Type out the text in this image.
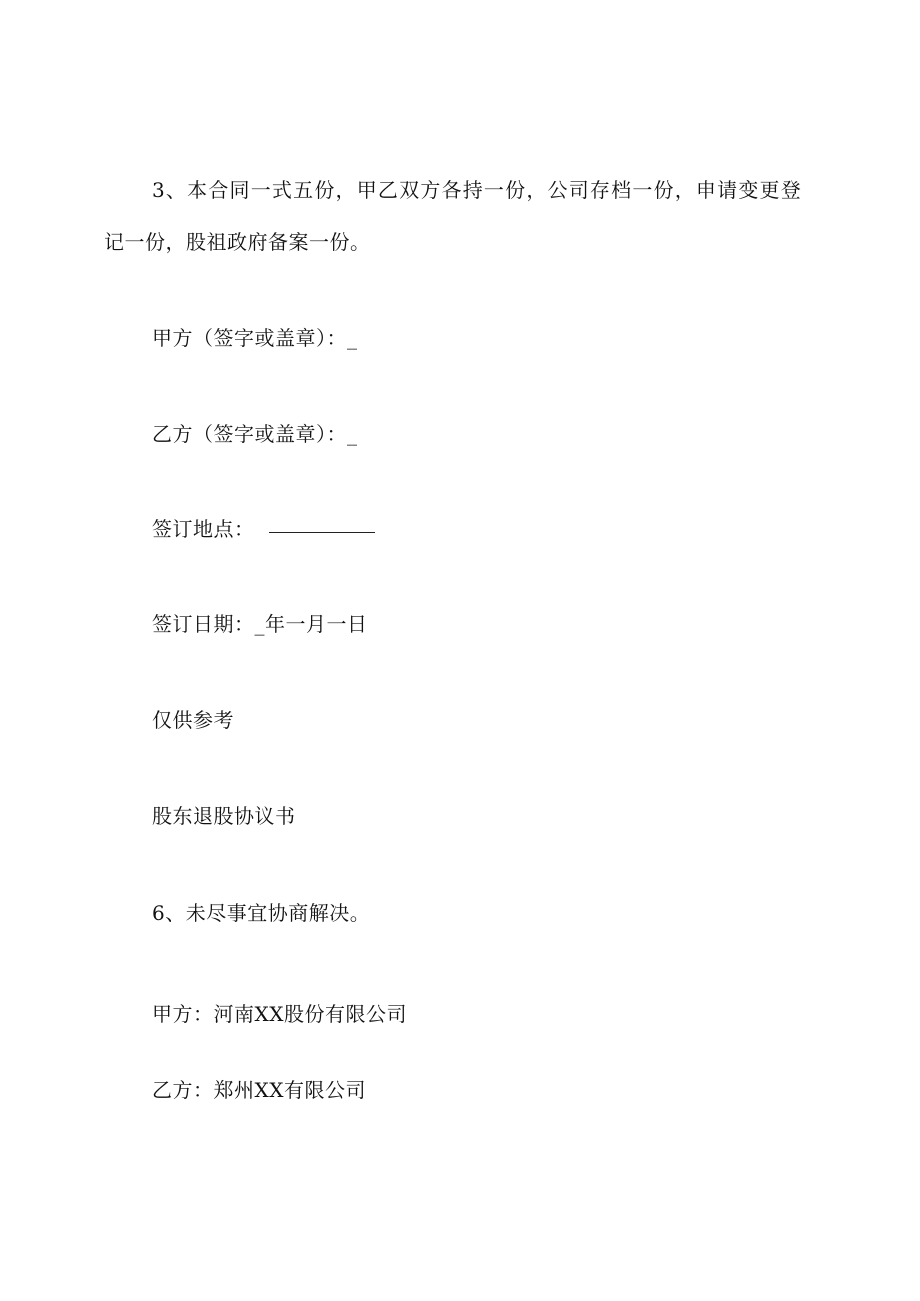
3、本合同一式五份，甲乙双方各持一份，公司存档一份，申请变更登
记一份，股祖政府备案一份。
甲方（签字或盖章）：_
乙方（签字或盖章）：_
签订地点：
签订日期：_年一月一日
仅供参考
股东退股协议书
6、未尽事宜协商解决。
甲方：河南XX股份有限公司
乙方：郑州XX有限公司
